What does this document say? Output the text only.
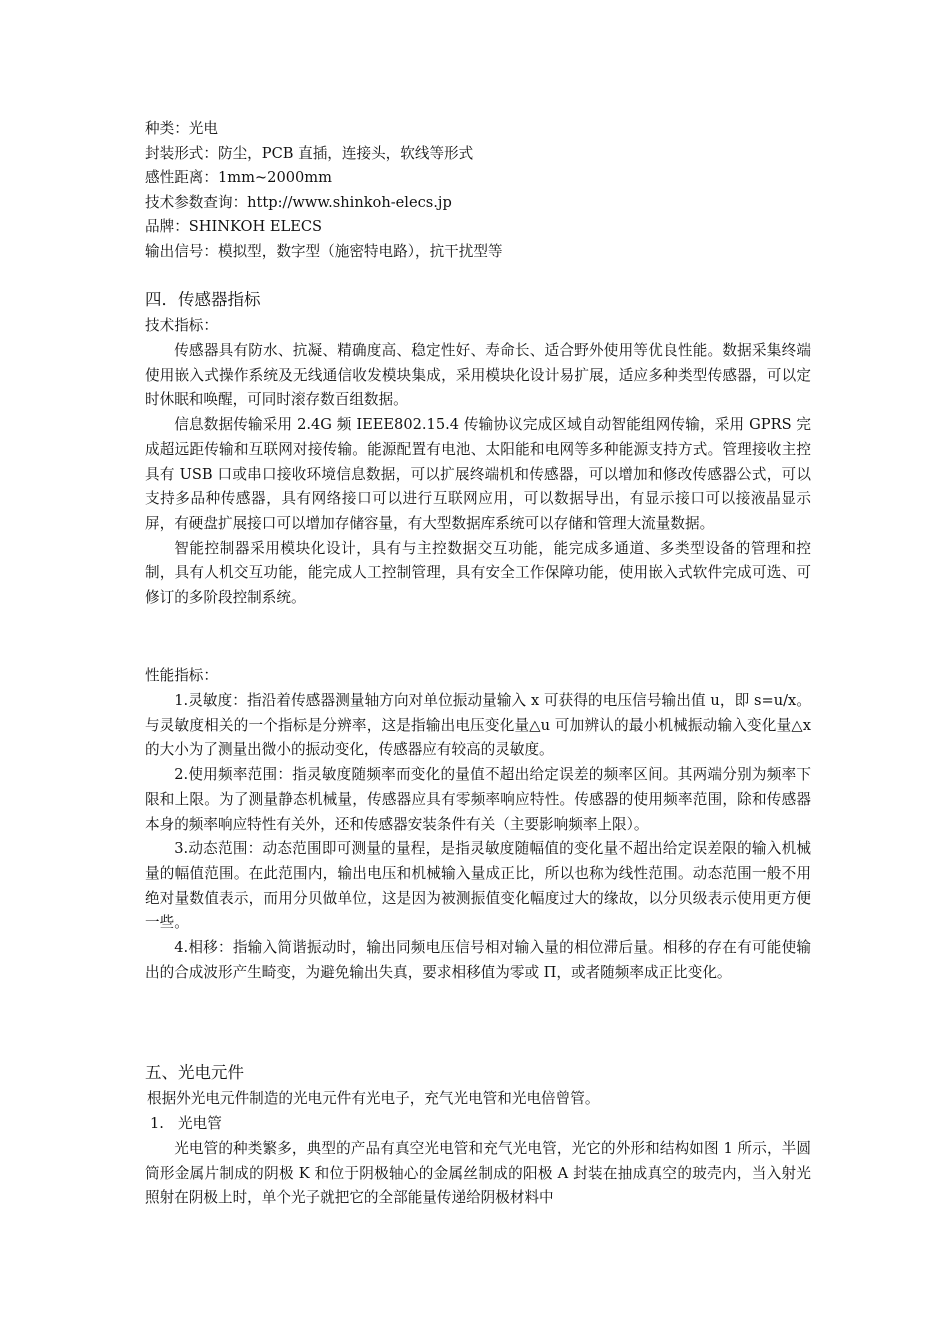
种类：光电
封装形式：防尘，PCB 直插，连接头，软线等形式
感性距离：1mm~2000mm
技术参数查询：http://www.shinkoh-elecs.jp
品牌：SHINKOH ELECS
输出信号：模拟型，数字型（施密特电路），抗干扰型等
四．传感器指标
技术指标：

传感器具有防水、抗凝、精确度高、稳定性好、寿命长、适合野外使用等优良性能。数据采集终端使用嵌入式操作系统及无线通信收发模块集成，采用模块化设计易扩展，适应多种类型传感器，可以定时休眠和唤醒，可同时滚存数百组数据。

信息数据传输采用 2.4G 频 IEEE802.15.4 传输协议完成区域自动智能组网传输，采用 GPRS 完成超远距传输和互联网对接传输。能源配置有电池、太阳能和电网等多种能源支持方式。管理接收主控具有 USB 口或串口接收环境信息数据，可以扩展终端机和传感器，可以增加和修改传感器公式，可以支持多品种传感器，具有网络接口可以进行互联网应用，可以数据导出，有显示接口可以接液晶显示屏，有硬盘扩展接口可以增加存储容量，有大型数据库系统可以存储和管理大流量数据。

智能控制器采用模块化设计，具有与主控数据交互功能，能完成多通道、多类型设备的管理和控制，具有人机交互功能，能完成人工控制管理，具有安全工作保障功能，使用嵌入式软件完成可选、可修订的多阶段控制系统。

性能指标：

1.灵敏度：指沿着传感器测量轴方向对单位振动量输入 x 可获得的电压信号输出值 u，即 s=u/x。与灵敏度相关的一个指标是分辨率，这是指输出电压变化量△u 可加辨认的最小机械振动输入变化量△x 的大小为了测量出微小的振动变化，传感器应有较高的灵敏度。

2.使用频率范围：指灵敏度随频率而变化的量值不超出给定误差的频率区间。其两端分别为频率下限和上限。为了测量静态机械量，传感器应具有零频率响应特性。传感器的使用频率范围，除和传感器本身的频率响应特性有关外，还和传感器安装条件有关（主要影响频率上限）。

3.动态范围：动态范围即可测量的量程，是指灵敏度随幅值的变化量不超出给定误差限的输入机械量的幅值范围。在此范围内，输出电压和机械输入量成正比，所以也称为线性范围。动态范围一般不用绝对量数值表示，而用分贝做单位，这是因为被测振值变化幅度过大的缘故，以分贝级表示使用更方便一些。

4.相移：指输入简谐振动时，输出同频电压信号相对输入量的相位滞后量。相移的存在有可能使输出的合成波形产生畸变，为避免输出失真，要求相移值为零或 Π，或者随频率成正比变化。

五、光电元件
根据外光电元件制造的光电元件有光电子，充气光电管和光电倍曾管。
1. 光电管

光电管的种类繁多，典型的产品有真空光电管和充气光电管，光它的外形和结构如图 1 所示，半圆筒形金属片制成的阴极 K 和位于阴极轴心的金属丝制成的阳极 A 封装在抽成真空的玻壳内，当入射光照射在阴极上时，单个光子就把它的全部能量传递给阴极材料中
